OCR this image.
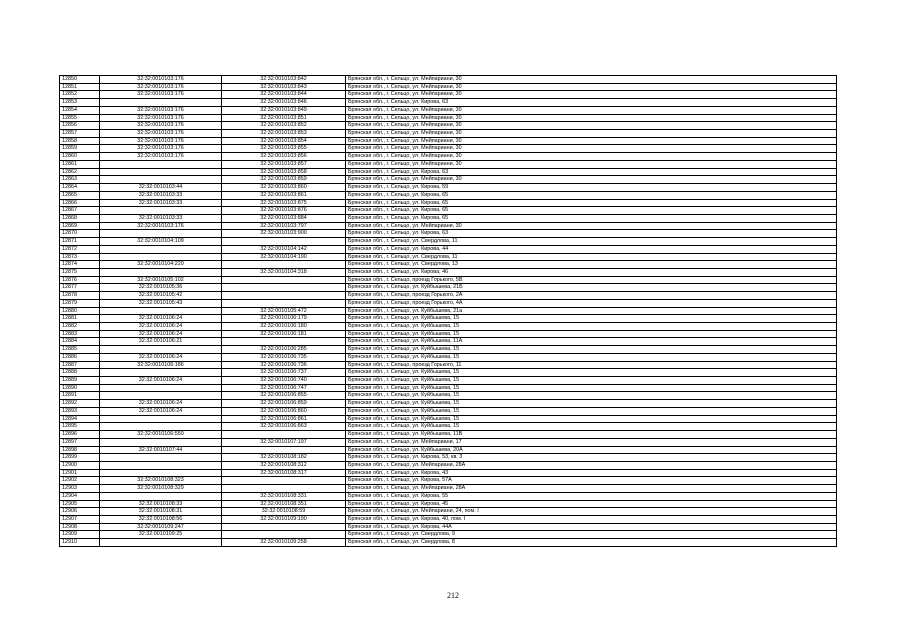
12850	32:32:0010103:176	32:32:0010103:842	Брянская обл., г. Сельцо, ул. Мейпариани, 30
12851	32:32:0010103:176	32:32:0010103:843	Брянская обл., г. Сельцо, ул. Мейпариани, 30
12852	32:32:0010103:176	32:32:0010103:844	Брянская обл., г. Сельцо, ул. Мейпариани, 30
12853		32:32:0010103:846	Брянская обл., г. Сельцо, ул. Кирова, 63
12854	32:32:0010103:176	32:32:0010103:849	Брянская обл., г. Сельцо, ул. Мейпариани, 30
12855	32:32:0010103:176	32:32:0010103:851	Брянская обл., г. Сельцо, ул. Мейпариани, 30
12856	32:32:0010103:176	32:32:0010103:852	Брянская обл., г. Сельцо, ул. Мейпариани, 30
12857	32:32:0010103:176	32:32:0010103:853	Брянская обл., г. Сельцо, ул. Мейпариани, 30
12858	32:32:0010103:176	32:32:0010103:854	Брянская обл., г. Сельцо, ул. Мейпариани, 30
12859	32:32:0010103:176	32:32:0010103:855	Брянская обл., г. Сельцо, ул. Мейпариани, 30
12860	32:32:0010103:176	32:32:0010103:856	Брянская обл., г. Сельцо, ул. Мейпариани, 30
12861		32:32:0010103:857	Брянская обл., г. Сельцо, ул. Мейпариани, 30
12862		32:32:0010103:858	Брянская обл., г. Сельцо, ул. Кирова, 63
12863		32:32:0010103:859	Брянская обл., г. Сельцо, ул. Мейпариани, 30
12864	32:32:0010103:44	32:32:0010103:860	Брянская обл., г. Сельцо, ул. Кирова, 59
12865	32:32:0010103:33	32:32:0010103:861	Брянская обл., г. Сельцо, ул. Кирова, 65
12866	32:32:0010103:33	32:32:0010103:875	Брянская обл., г. Сельцо, ул. Кирова, 65
12867		32:32:0010103:876	Брянская обл., г. Сельцо, ул. Кирова, 65
12868	32:32:0010103:33	32:32:0010103:884	Брянская обл., г. Сельцо, ул. Кирова, 65
12869	32:32:0010103:176	32:32:0010103:797	Брянская обл., г. Сельцо, ул. Мейпариани, 30
12870		32:32:0010103:900	Брянская обл., г. Сельцо, ул. Кирова, 63
12871	32:32:0010104:109		Брянская обл., г. Сельцо, ул. Свердлова, 11
12872		32:32:0010104:142	Брянская обл., г. Сельцо, ул. Кирова, 44
12873		32:32:0010104:190	Брянская обл., г. Сельцо, ул. Свердлова, 11
12874	32:32:0010104:220		Брянская обл., г. Сельцо, ул. Свердлова, 13
12875		32:32:0010104:318	Брянская обл., г. Сельцо, ул. Кирова, 46
12876	32:32:0010105:102		Брянская обл., г. Сельцо, проезд Горького, 5В
12877	32:32:0010105:36		Брянская обл., г. Сельцо, ул. Куйбышева, 21Б
12878	32:32:0010105:42		Брянская обл., г. Сельцо, проезд Горького, 2А
12879	32:32:0010105:43		Брянская обл., г. Сельцо, проезд Горького, 4А
12880		32:32:0010105:472	Брянская обл., г. Сельцо, ул. Куйбышева, 21а
12881	32:32:0010106:24	32:32:0010106:179	Брянская обл., г. Сельцо, ул. Куйбышева, 15
12882	32:32:0010106:24	32:32:0010106:180	Брянская обл., г. Сельцо, ул. Куйбышева, 15
12883	32:32:0010106:24	32:32:0010106:181	Брянская обл., г. Сельцо, ул. Куйбышева, 15
12884	32:32:0010106:21		Брянская обл., г. Сельцо, ул. Куйбышева, 11А
12885		32:32:0010106:285	Брянская обл., г. Сельцо, ул. Куйбышева, 15
12886	32:32:0010106:24	32:32:0010106:735	Брянская обл., г. Сельцо, ул. Куйбышева, 15
12887	32:32:0010106:186	32:32:0010106:736	Брянская обл., г. Сельцо, проезд Горького, 11
12888		32:32:0010106:737	Брянская обл., г. Сельцо, ул. Куйбышева, 15
12889	32:32:0010106:24	32:32:0010106:740	Брянская обл., г. Сельцо, ул. Куйбышева, 15
12890		32:32:0010106:747	Брянская обл., г. Сельцо, ул. Куйбышева, 15
12891		32:32:0010106:855	Брянская обл., г. Сельцо, ул. Куйбышева, 15
12892	32:32:0010106:24	32:32:0010106:859	Брянская обл., г. Сельцо, ул. Куйбышева, 15
12893	32:32:0010106:24	32:32:0010106:860	Брянская обл., г. Сельцо, ул. Куйбышева, 15
12894		32:32:0010106:861	Брянская обл., г. Сельцо, ул. Куйбышева, 15
12895		32:32:0010106:863	Брянская обл., г. Сельцо, ул. Куйбышева, 15
12896	32:32:0010106:550		Брянская обл., г. Сельцо, ул. Куйбышева, 11В
12897		32:32:0010107:197	Брянская обл., г. Сельцо, ул. Мейпариани, 17
12898	32:32:0010107:44		Брянская обл., г. Сельцо, ул. Куйбышева, 20А
12899		32:32:0010108:182	Брянская обл., г. Сельцо, ул. Кирова, 53, кв. 3
12900		32:32:0010108:312	Брянская обл., г. Сельцо, ул. Мейпариани, 28А
12901		32:32:0010108:317	Брянская обл., г. Сельцо, ул. Кирова, 43
12902	32:32:0010108:323		Брянская обл., г. Сельцо, ул. Кирова, 57А
12903	32:32:0010108:329		Брянская обл., г. Сельцо, ул. Мейпариани, 28А
12904		32:32:0010108:331	Брянская обл., г. Сельцо, ул. Кирова, 55
12905	32:32:0010108:33	32:32:0010108:351	Брянская обл., г. Сельцо, ул. Кирова, 45
12906	32:32:0010108:31	32:32:0010108:59	Брянская обл., г. Сельцо, ул. Мейпариани, 24, пом. I
12907	32:32:0010108:56	32:32:0010109:190	Брянская обл., г. Сельцо, ул. Кирова, 40, пом. I
12908	32:32:0010109:247		Брянская обл., г. Сельцо, ул. Кирова, 44А
12909	32:32:0010109:25		Брянская обл., г. Сельцо, ул. Свердлова, 9
12910		32:32:0010109:258	Брянская обл., г. Сельцо, ул. Свердлова, 8
212
